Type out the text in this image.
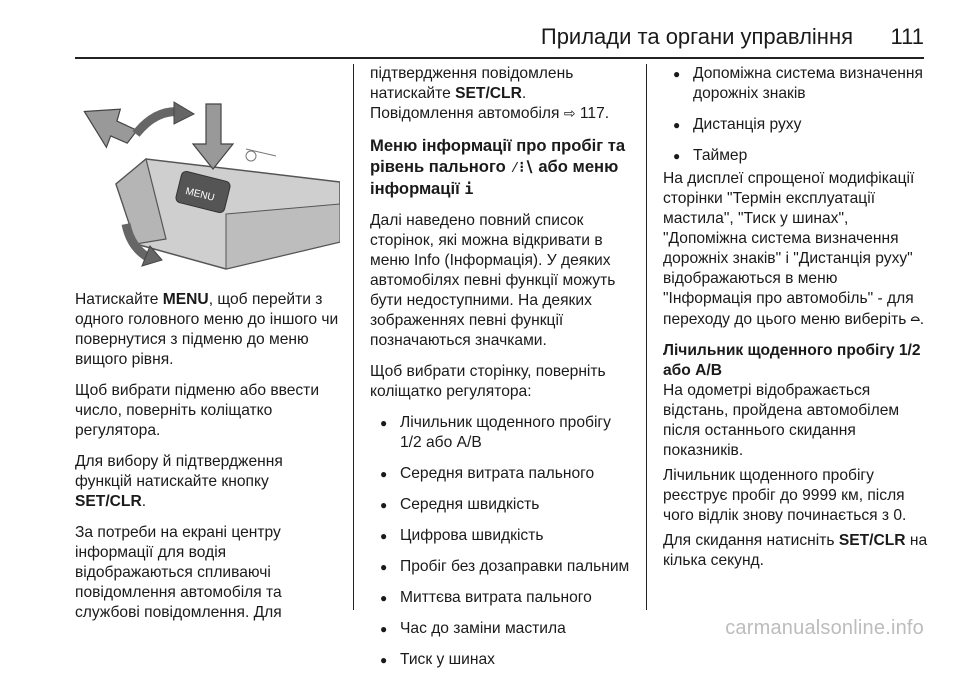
Прилади та органи управління 111
MENU

Натискайте MENU, щоб перейти з одного головного меню до іншого чи повернутися з підменю до меню вищого рівня.

Щоб вибрати підменю або ввести число, поверніть коліщатко регулятора.

Для вибору й підтвердження функцій натискайте кнопку SET/CLR.

За потреби на екрані центру інформації для водія відображаються спливаючі повідомлення автомобіля та службові повідомлення. Для

підтвердження повідомлень натискайте SET/CLR.
Повідомлення автомобіля ⇨ 117.

Меню інформації про пробіг та рівень пального ⁄⁝∖ або меню інформації i

Далі наведено повний список сторінок, які можна відкривати в меню Info (Інформація). У деяких автомобілях певні функції можуть бути недоступними. На деяких зображеннях певні функції позначаються значками.

Щоб вибрати сторінку, поверніть коліщатко регулятора:

● Лічильник щоденного пробігу 1/2 або A/B
● Середня витрата пального
● Середня швидкість
● Цифрова швидкість
● Пробіг без дозаправки пальним
● Миттєва витрата пального
● Час до заміни мастила
● Тиск у шинах
● Допоміжна система визначення дорожніх знаків
● Дистанція руху
● Таймер

На дисплеї спрощеної модифікації сторінки "Термін експлуатації мастила", "Тиск у шинах", "Допоміжна система визначення дорожніх знаків" і "Дистанція руху" відображаються в меню "Інформація про автомобіль" - для переходу до цього меню виберіть ⌓.

Лічильник щоденного пробігу 1/2 або A/B

На одометрі відображається відстань, пройдена автомобілем після останнього скидання показників.

Лічильник щоденного пробігу реєструє пробіг до 9999 км, після чого відлік знову починається з 0.

Для скидання натисніть SET/CLR на кілька секунд.

carmanualsonline.info
